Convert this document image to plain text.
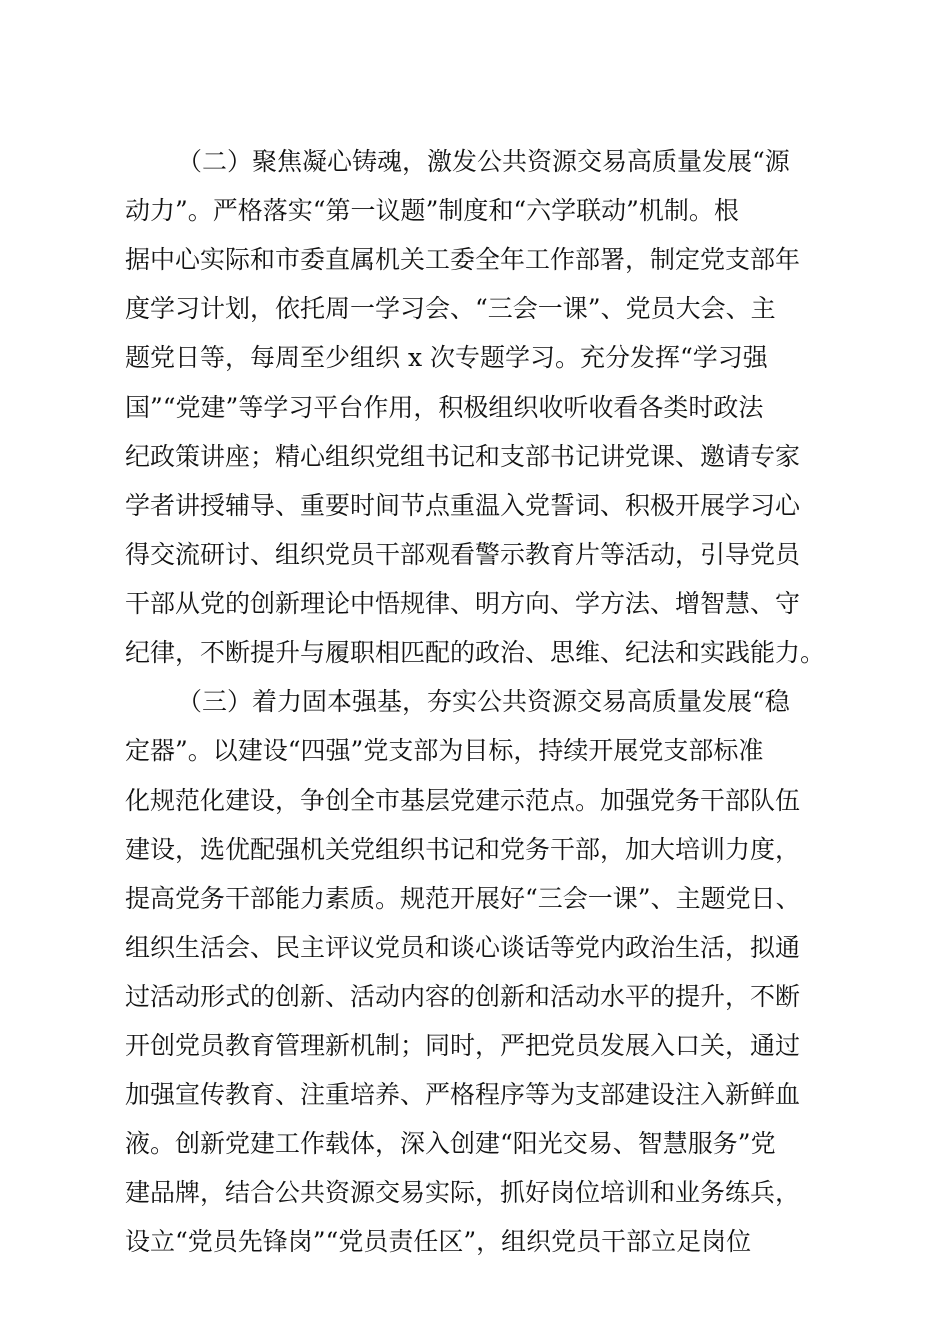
（二）聚焦凝心铸魂，激发公共资源交易高质量发展“源

动力”。严格落实“第一议题”制度和“六学联动”机制。根

据中心实际和市委直属机关工委全年工作部署，制定党支部年

度学习计划，依托周一学习会、“三会一课”、党员大会、主

题党日等，每周至少组织 x 次专题学习。充分发挥“学习强

国”“党建”等学习平台作用，积极组织收听收看各类时政法

纪政策讲座；精心组织党组书记和支部书记讲党课、邀请专家

学者讲授辅导、重要时间节点重温入党誓词、积极开展学习心

得交流研讨、组织党员干部观看警示教育片等活动，引导党员

干部从党的创新理论中悟规律、明方向、学方法、增智慧、守

纪律，不断提升与履职相匹配的政治、思维、纪法和实践能力。

（三）着力固本强基，夯实公共资源交易高质量发展“稳

定器”。以建设“四强”党支部为目标，持续开展党支部标准

化规范化建设，争创全市基层党建示范点。加强党务干部队伍

建设，选优配强机关党组织书记和党务干部，加大培训力度，

提高党务干部能力素质。规范开展好“三会一课”、主题党日、

组织生活会、民主评议党员和谈心谈话等党内政治生活，拟通

过活动形式的创新、活动内容的创新和活动水平的提升，不断

开创党员教育管理新机制；同时，严把党员发展入口关，通过

加强宣传教育、注重培养、严格程序等为支部建设注入新鲜血

液。创新党建工作载体，深入创建“阳光交易、智慧服务”党

建品牌，结合公共资源交易实际，抓好岗位培训和业务练兵，

设立“党员先锋岗”“党员责任区”，组织党员干部立足岗位
